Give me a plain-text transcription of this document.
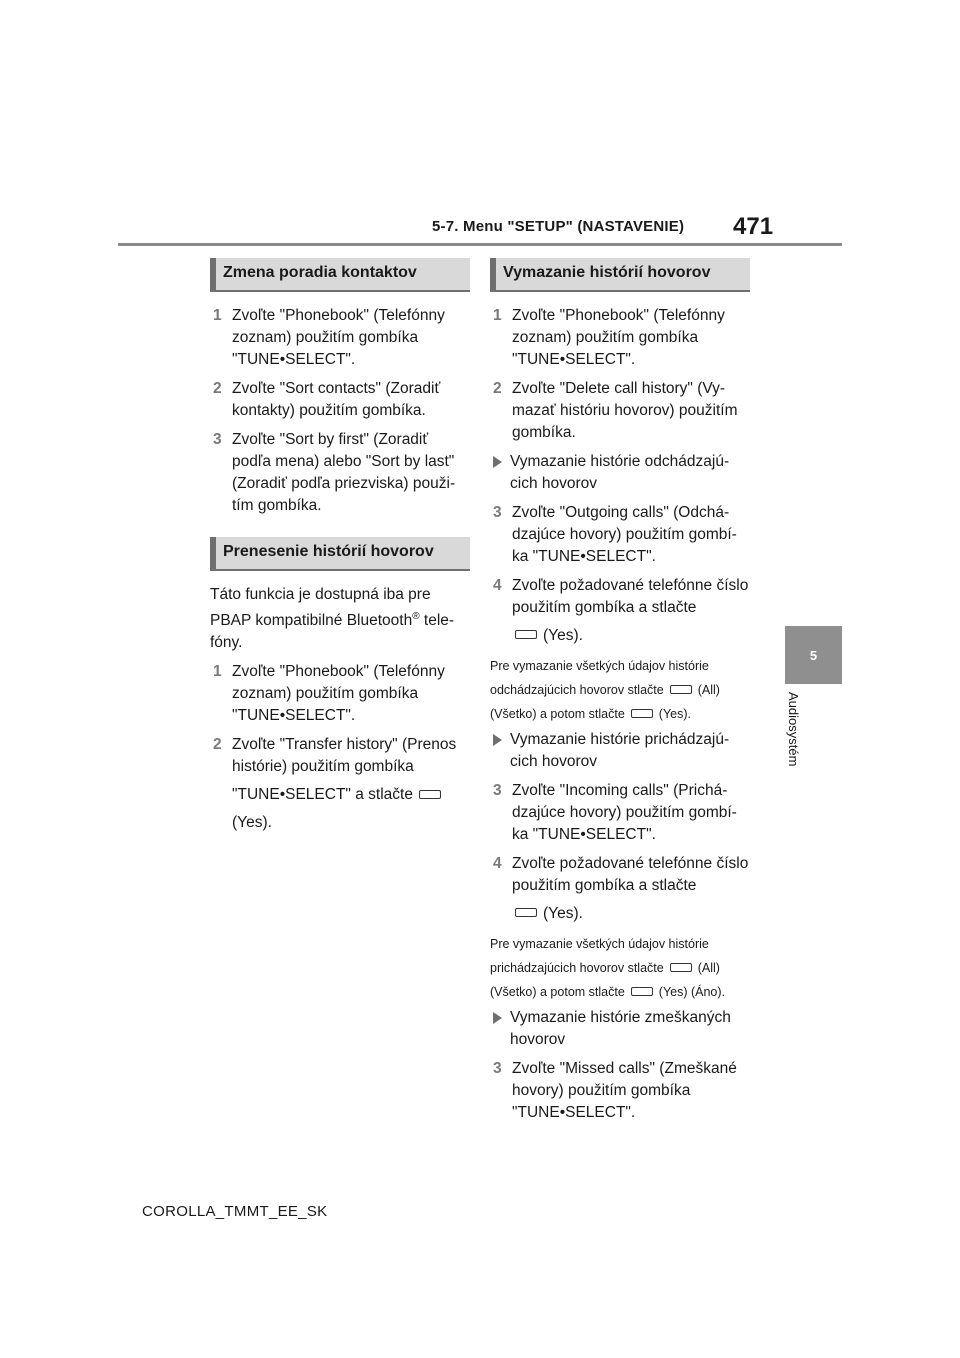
5-7. Menu "SETUP" (NASTAVENIE) 471
5
Audiosystém
Zmena poradia kontaktov
1 Zvoľte "Phonebook" (Telefónny zoznam) použitím gombíka "TUNE•SELECT".
2 Zvoľte "Sort contacts" (Zoradiť kontakty) použitím gombíka.
3 Zvoľte "Sort by first" (Zoradiť podľa mena) alebo "Sort by last" (Zoradiť podľa priezviska) použi-tím gombíka.
Prenesenie histórií hovorov
Táto funkcia je dostupná iba pre PBAP kompatibilné Bluetooth® tele-fóny.
1 Zvoľte "Phonebook" (Telefónny zoznam) použitím gombíka "TUNE•SELECT".
2 Zvoľte "Transfer history" (Prenos histórie) použitím gombíka
"TUNE•SELECT" a stlačte
(Yes).
Vymazanie histórií hovorov
1 Zvoľte "Phonebook" (Telefónny zoznam) použitím gombíka "TUNE•SELECT".
2 Zvoľte "Delete call history" (Vy-mazať históriu hovorov) použitím gombíka.
Vymazanie histórie odchádzajú-cich hovorov
3 Zvoľte "Outgoing calls" (Odchá-dzajúce hovory) použitím gombí-ka "TUNE•SELECT".
4 Zvoľte požadované telefónne číslo použitím gombíka a stlačte
(Yes).
Pre vymazanie všetkých údajov histórie
odchádzajúcich hovorov stlačte	(All)
(Všetko) a potom stlačte	(Yes).
Vymazanie histórie prichádzajú-cich hovorov
3 Zvoľte "Incoming calls" (Prichá-dzajúce hovory) použitím gombí-ka "TUNE•SELECT".
4 Zvoľte požadované telefónne číslo použitím gombíka a stlačte
(Yes).
Pre vymazanie všetkých údajov histórie
prichádzajúcich hovorov stlačte	(All)
(Všetko) a potom stlačte	(Yes) (Áno).
Vymazanie histórie zmeškaných hovorov
3 Zvoľte "Missed calls" (Zmeškané hovory) použitím gombíka "TUNE•SELECT".
COROLLA_TMMT_EE_SK
